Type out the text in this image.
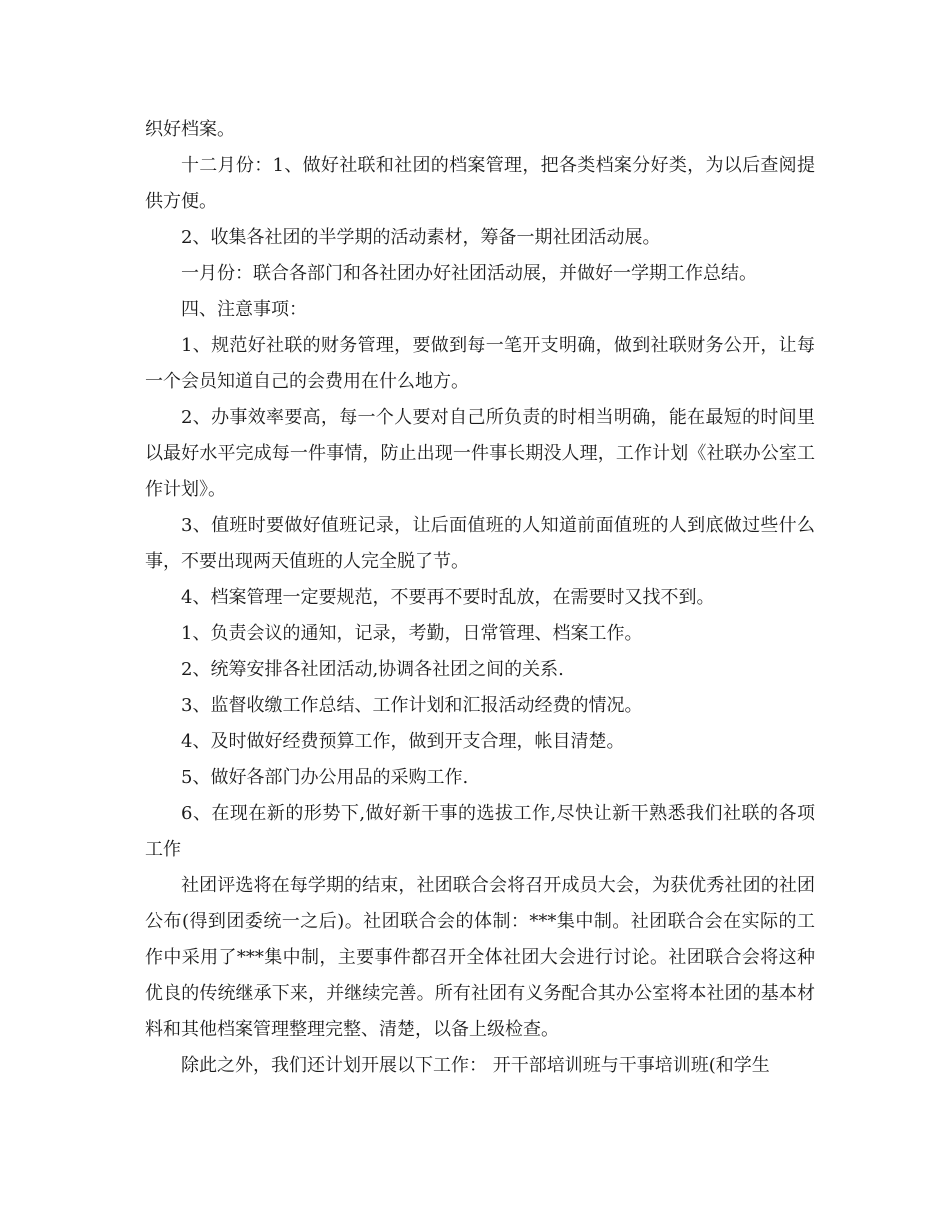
织好档案。

十二月份：1、做好社联和社团的档案管理，把各类档案分好类，为以后查阅提供方便。

2、收集各社团的半学期的活动素材，筹备一期社团活动展。

一月份：联合各部门和各社团办好社团活动展，并做好一学期工作总结。

四、注意事项：

1、规范好社联的财务管理，要做到每一笔开支明确，做到社联财务公开，让每一个会员知道自己的会费用在什么地方。

2、办事效率要高，每一个人要对自己所负责的时相当明确，能在最短的时间里以最好水平完成每一件事情，防止出现一件事长期没人理，工作计划《社联办公室工作计划》。

3、值班时要做好值班记录，让后面值班的人知道前面值班的人到底做过些什么事，不要出现两天值班的人完全脱了节。

4、档案管理一定要规范，不要再不要时乱放，在需要时又找不到。

1、负责会议的通知，记录，考勤，日常管理、档案工作。

2、统筹安排各社团活动,协调各社团之间的关系.

3、监督收缴工作总结、工作计划和汇报活动经费的情况。

4、及时做好经费预算工作，做到开支合理，帐目清楚。

5、做好各部门办公用品的采购工作.

6、在现在新的形势下,做好新干事的选拔工作,尽快让新干熟悉我们社联的各项工作

社团评选将在每学期的结束，社团联合会将召开成员大会，为获优秀社团的社团公布(得到团委统一之后)。社团联合会的体制：***集中制。社团联合会在实际的工作中采用了***集中制，主要事件都召开全体社团大会进行讨论。社团联合会将这种优良的传统继承下来，并继续完善。所有社团有义务配合其办公室将本社团的基本材料和其他档案管理整理完整、清楚，以备上级检查。

除此之外，我们还计划开展以下工作： 开干部培训班与干事培训班(和学生
